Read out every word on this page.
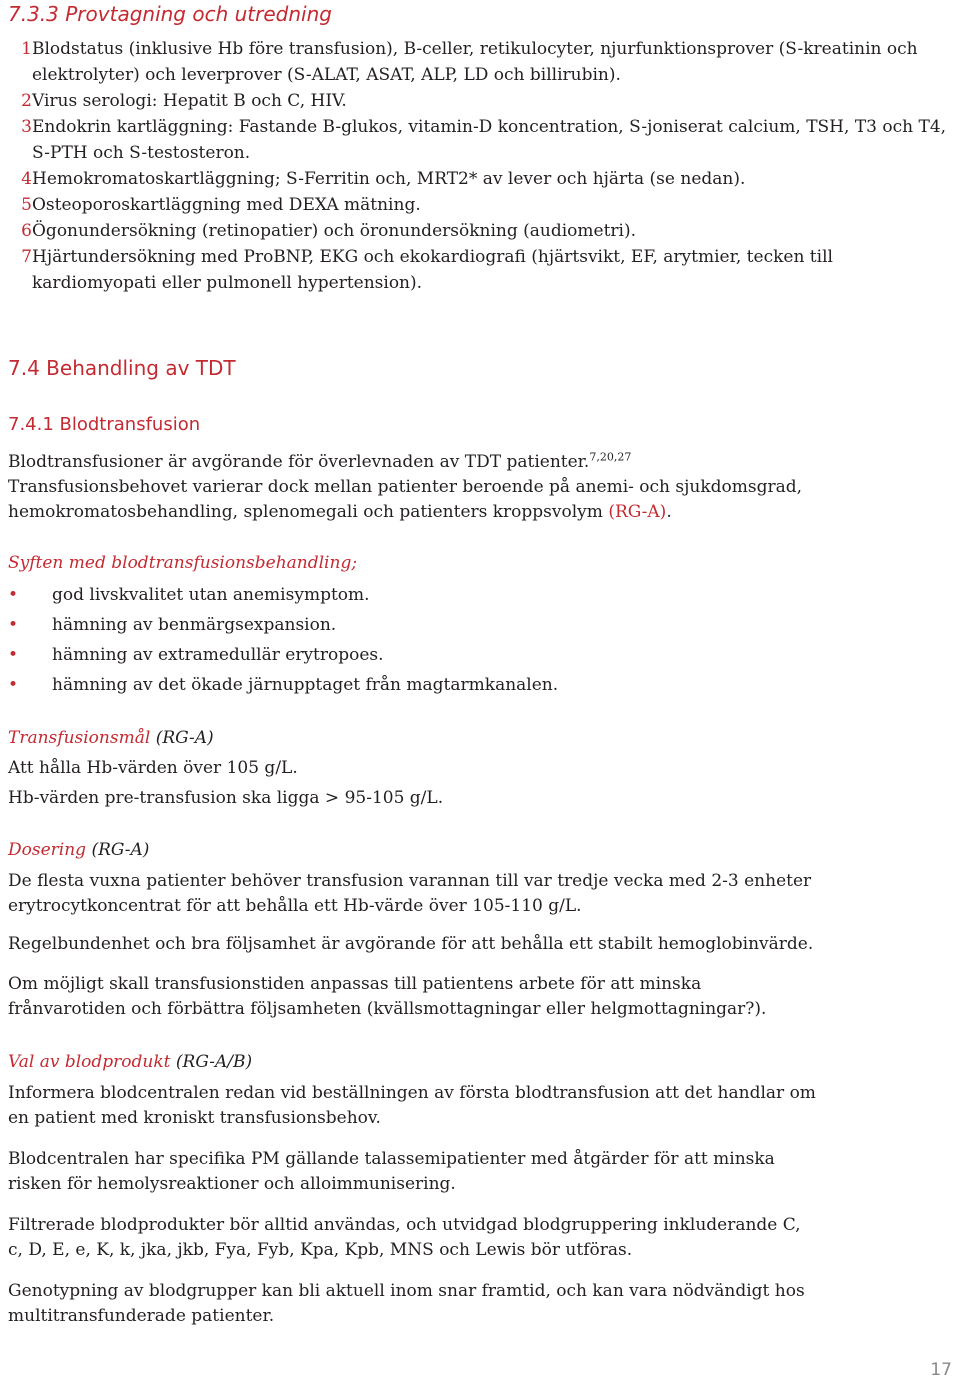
7.3.3 Provtagning och utredning
1 Blodstatus (inklusive Hb före transfusion), B-celler, retikulocyter, njurfunktionsprover (S-kreatinin och elektrolyter) och leverprover (S-ALAT, ASAT, ALP, LD och billirubin).
2 Virus serologi: Hepatit B och C, HIV.
3 Endokrin kartläggning: Fastande B-glukos, vitamin-D koncentration, S-joniserat calcium, TSH, T3 och T4, S-PTH och S-testosteron.
4 Hemokromatoskartläggning; S-Ferritin och, MRT2* av lever och hjärta (se nedan).
5 Osteoporoskartläggning med DEXA mätning.
6 Ögonundersökning (retinopatier) och öronundersökning (audiometri).
7 Hjärtundersökning med ProBNP, EKG och ekokardiografi (hjärtsvikt, EF, arytmier, tecken till kardiomyopati eller pulmonell hypertension).
7.4 Behandling av TDT
7.4.1 Blodtransfusion

Blodtransfusioner är avgörande för överlevnaden av TDT patienter.$^{7,20,27}$

Transfusionsbehovet varierar dock mellan patienter beroende på anemi- och sjukdomsgrad,

hemokromatosbehandling, splenomegali och patienters kroppsvolym (RG-A).

Syften med blodtransfusionsbehandling;
•	god livskvalitet utan anemisymptom.
•	hämning av benmärgsexpansion.
•	hämning av extramedullär erytropoes.
•	hämning av det ökade järnupptaget från magtarmkanalen.

Transfusionsmål (RG-A)

Att hålla Hb-värden över 105 g/L.

Hb-värden pre-transfusion ska ligga > 95-105 g/L.

Dosering (RG-A)

De flesta vuxna patienter behöver transfusion varannan till var tredje vecka med 2-3 enheter

erytrocytkoncentrat för att behålla ett Hb-värde över 105-110 g/L.

Regelbundenhet och bra följsamhet är avgörande för att behålla ett stabilt hemoglobinvärde.

Om möjligt skall transfusionstiden anpassas till patientens arbete för att minska

frånvarotiden och förbättra följsamheten (kvällsmottagningar eller helgmottagningar?).

Val av blodprodukt (RG-A/B)

Informera blodcentralen redan vid beställningen av första blodtransfusion att det handlar om

en patient med kroniskt transfusionsbehov.

Blodcentralen har specifika PM gällande talassemipatienter med åtgärder för att minska

risken för hemolysreaktioner och alloimmunisering.

Filtrerade blodprodukter bör alltid användas, och utvidgad blodgruppering inkluderande C,

c, D, E, e, K, k, jka, jkb, Fya, Fyb, Kpa, Kpb, MNS och Lewis bör utföras.

Genotypning av blodgrupper kan bli aktuell inom snar framtid, och kan vara nödvändigt hos

multitransfunderade patienter.

17
